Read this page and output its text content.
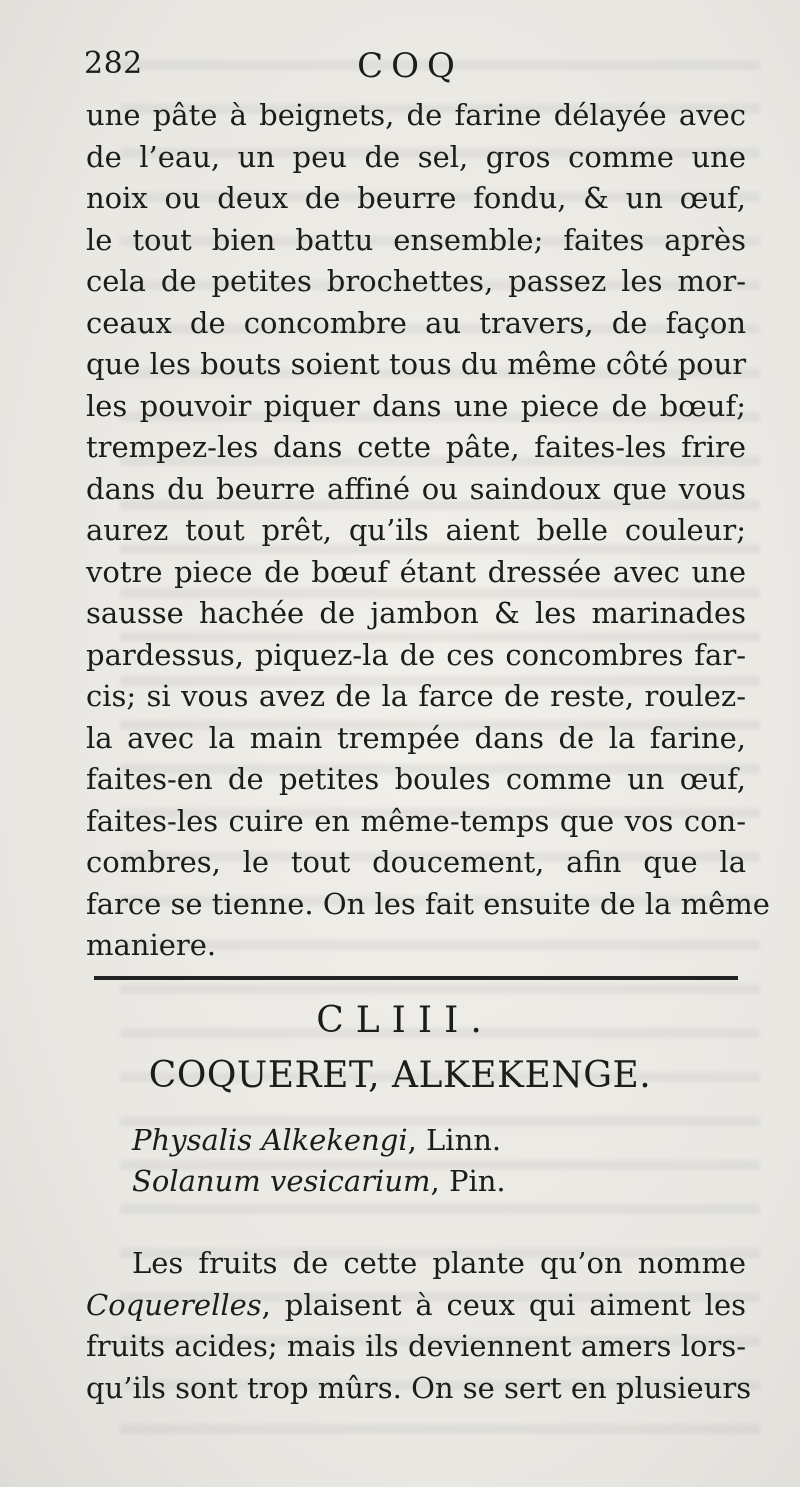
282	COQ
une pâte à beignets, de farine délayée avec
de l’eau, un peu de sel, gros comme une
noix ou deux de beurre fondu, & un œuf,
le tout bien battu ensemble; faites après
cela de petites brochettes, passez les mor-
ceaux de concombre au travers, de façon
que les bouts soient tous du même côté pour
les pouvoir piquer dans une piece de bœuf;
trempez-les dans cette pâte, faites-les frire
dans du beurre affiné ou saindoux que vous
aurez tout prêt, qu’ils aient belle couleur;
votre piece de bœuf étant dressée avec une
sausse hachée de jambon & les marinades
pardessus, piquez-la de ces concombres far-
cis; si vous avez de la farce de reste, roulez-
la avec la main trempée dans de la farine,
faites-en de petites boules comme un œuf,
faites-les cuire en même-temps que vos con-
combres, le tout doucement, afin que la
farce se tienne. On les fait ensuite de la même
maniere.
CLIII.
COQUERET, ALKEKENGE.
Physalis Alkekengi, Linn.
Solanum vesicarium, Pin.
Les fruits de cette plante qu’on nomme
Coquerelles, plaisent à ceux qui aiment les
fruits acides; mais ils deviennent amers lors-
qu’ils sont trop mûrs. On se sert en plusieurs
